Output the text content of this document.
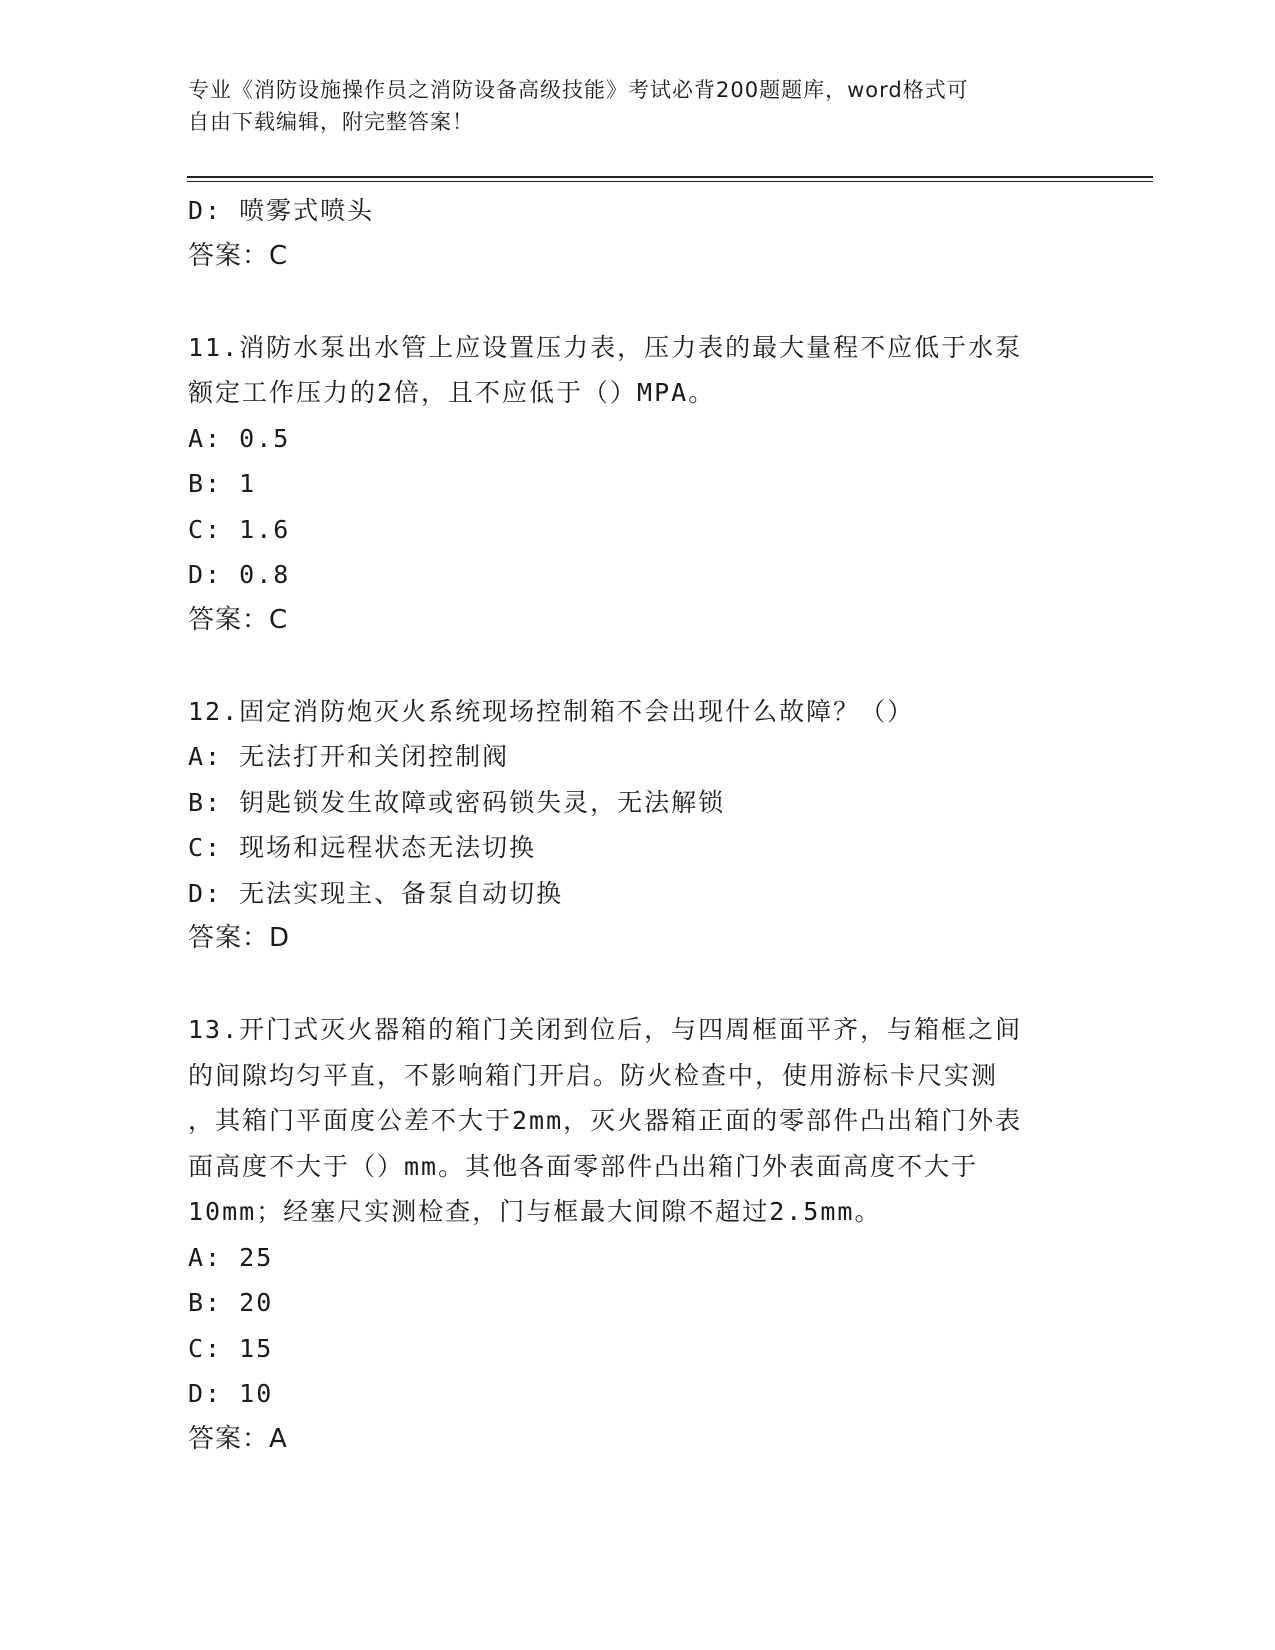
专业《消防设施操作员之消防设备高级技能》考试必背200题题库，word格式可
自由下载编辑，附完整答案！
D: 喷雾式喷头
答案：C
11.消防水泵出水管上应设置压力表，压力表的最大量程不应低于水泵
额定工作压力的2倍，且不应低于（）MPA。
A: 0.5
B: 1
C: 1.6
D: 0.8
答案：C
12.固定消防炮灭火系统现场控制箱不会出现什么故障？（）
A: 无法打开和关闭控制阀
B: 钥匙锁发生故障或密码锁失灵，无法解锁
C: 现场和远程状态无法切换
D: 无法实现主、备泵自动切换
答案：D
13.开门式灭火器箱的箱门关闭到位后，与四周框面平齐，与箱框之间
的间隙均匀平直，不影响箱门开启。防火检查中，使用游标卡尺实测
，其箱门平面度公差不大于2mm，灭火器箱正面的零部件凸出箱门外表
面高度不大于（）mm。其他各面零部件凸出箱门外表面高度不大于
10mm；经塞尺实测检查，门与框最大间隙不超过2.5mm。
A: 25
B: 20
C: 15
D: 10
答案：A
